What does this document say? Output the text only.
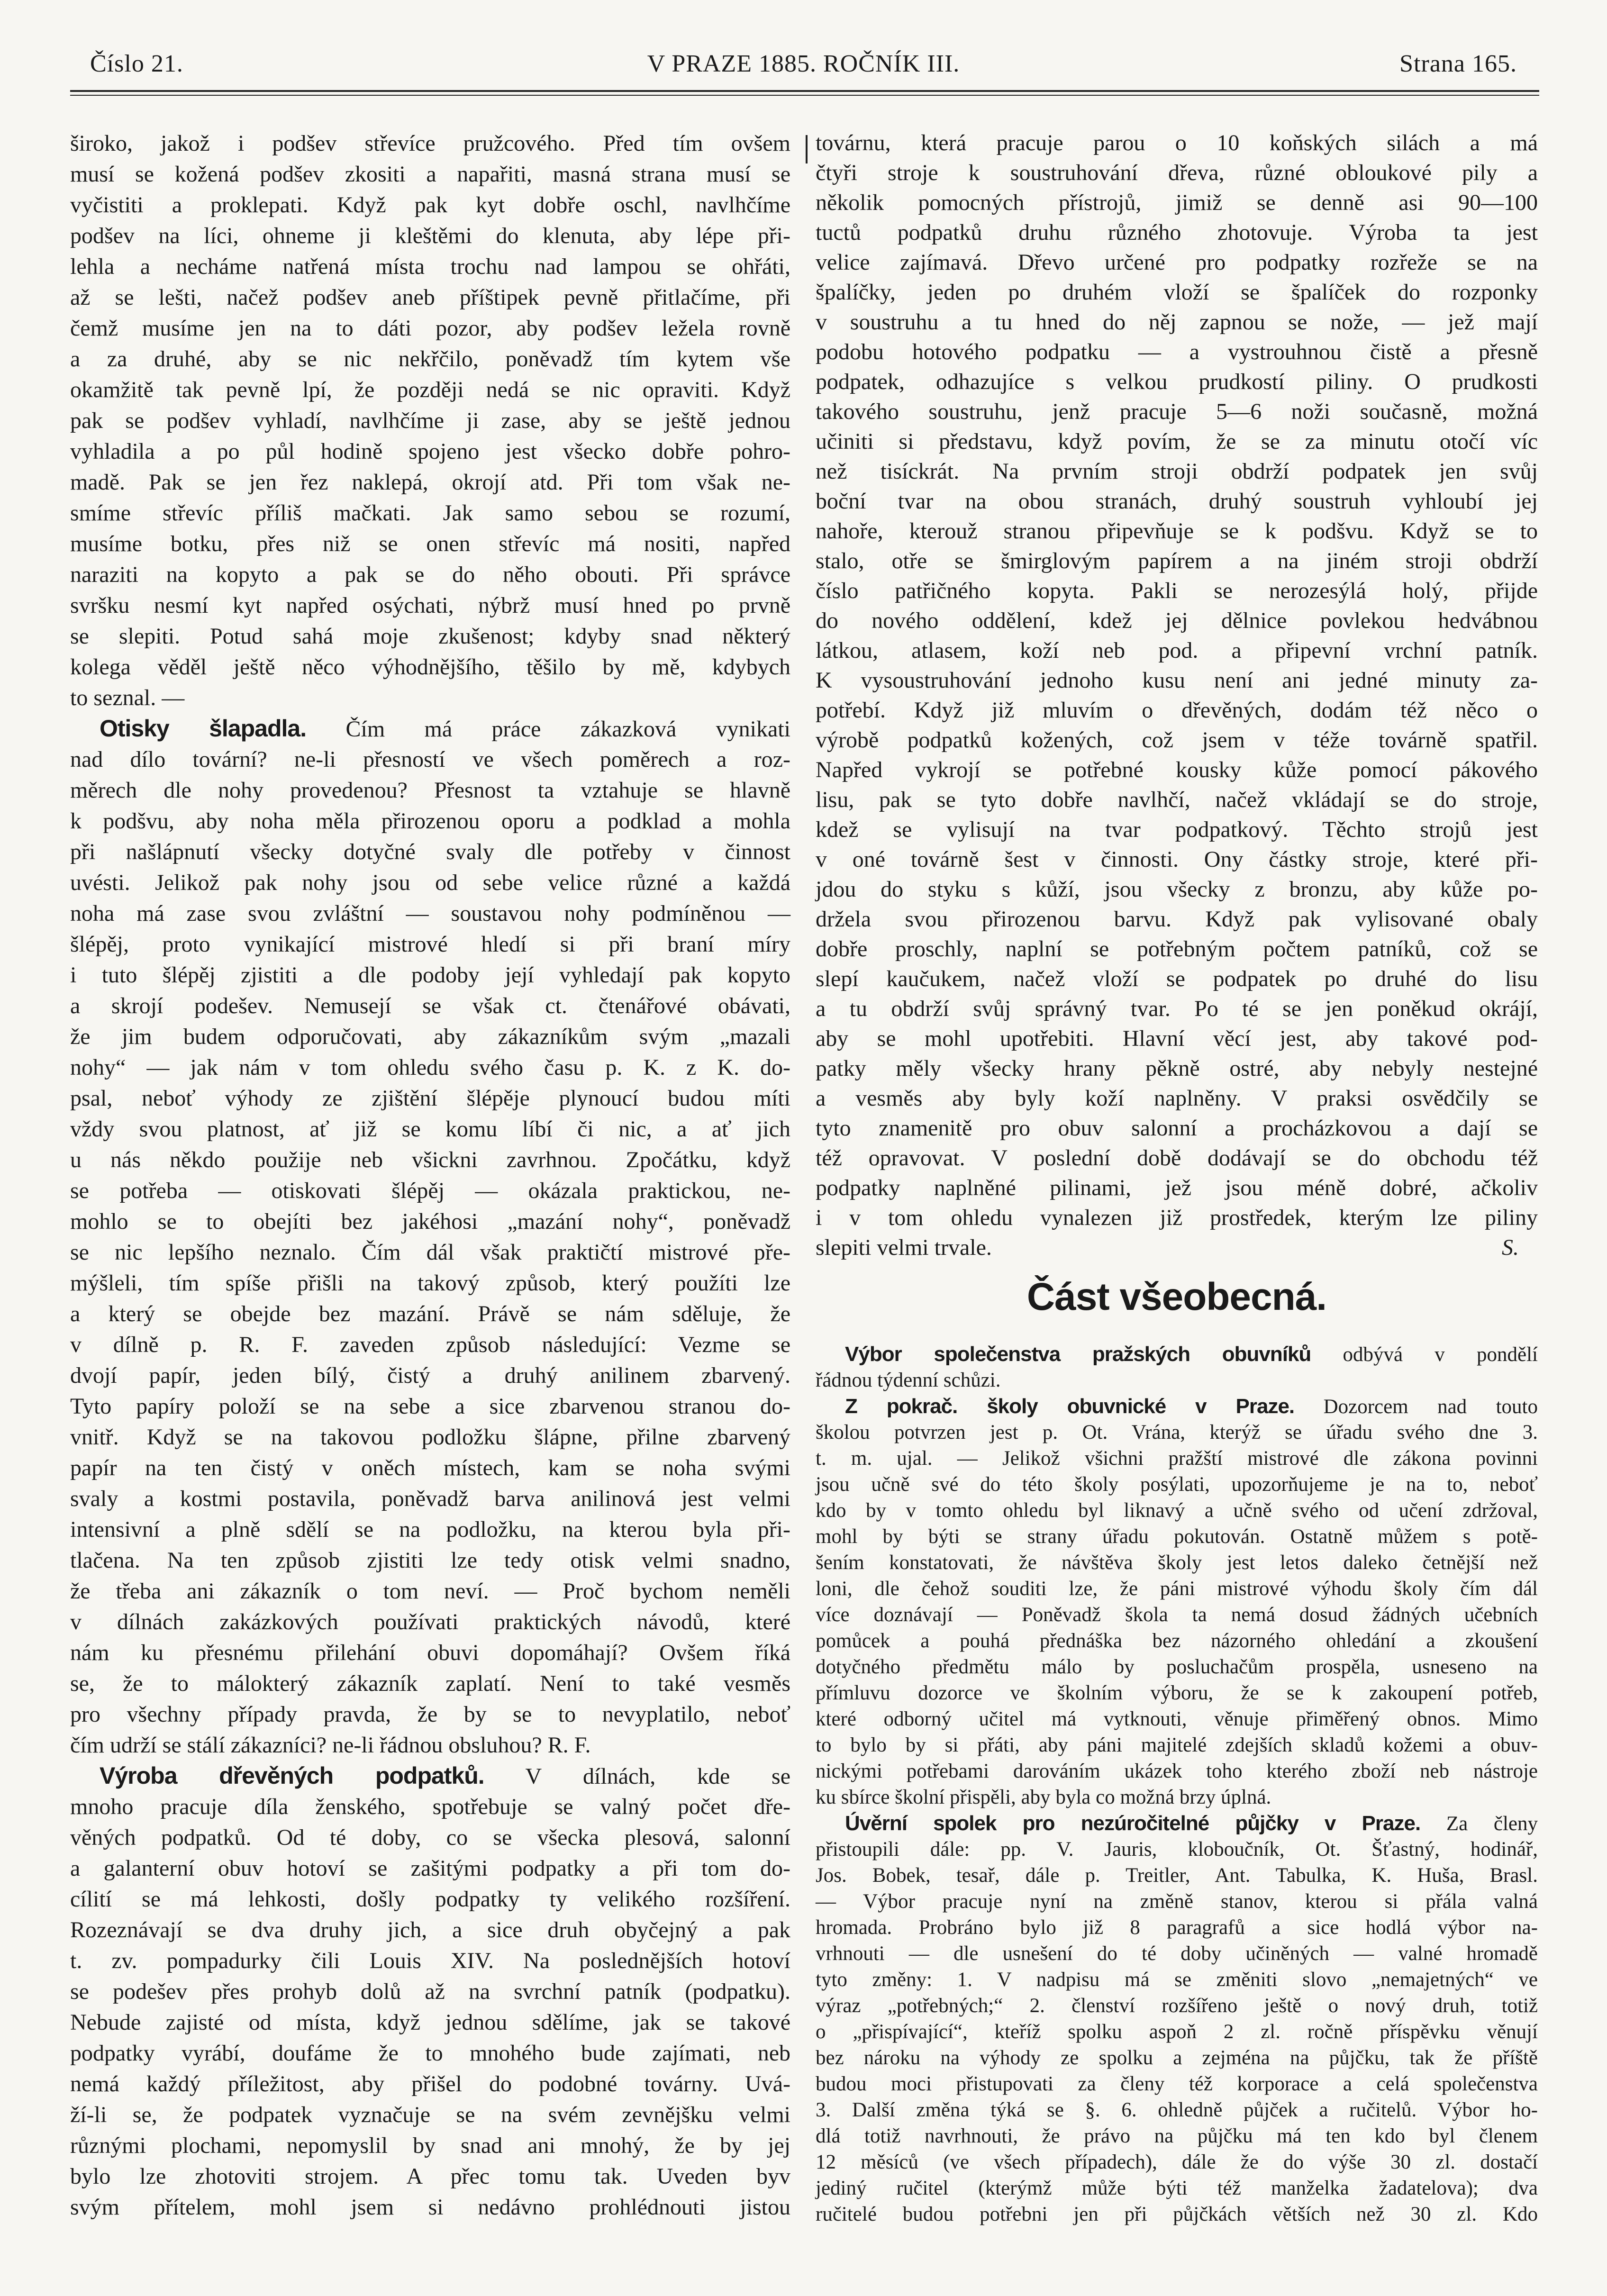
Číslo 21.	V PRAZE 1885. ROČNÍK III.	Strana 165.
široko, jakož i podšev střevíce pružcového. Před tím ovšem
musí se kožená podšev zkositi a napařiti, masná strana musí se
vyčistiti a proklepati. Když pak kyt dobře oschl, navlhčíme
podšev na líci, ohneme ji kleštěmi do klenuta, aby lépe při-
lehla a necháme natřená místa trochu nad lampou se ohřáti,
až se lešti, načež podšev aneb příštipek pevně přitlačíme, při
čemž musíme jen na to dáti pozor, aby podšev ležela rovně
a za druhé, aby se nic nekřčilo, poněvadž tím kytem vše
okamžitě tak pevně lpí, že později nedá se nic opraviti. Když
pak se podšev vyhladí, navlhčíme ji zase, aby se ještě jednou
vyhladila a po půl hodině spojeno jest všecko dobře pohro-
madě. Pak se jen řez naklepá, okrojí atd. Při tom však ne-
smíme střevíc příliš mačkati. Jak samo sebou se rozumí,
musíme botku, přes niž se onen střevíc má nositi, napřed
naraziti na kopyto a pak se do něho obouti. Při správce
svršku nesmí kyt napřed osýchati, nýbrž musí hned po prvně
se slepiti. Potud sahá moje zkušenost; kdyby snad některý
kolega věděl ještě něco výhodnějšího, těšilo by mě, kdybych
to seznal. —
Otisky šlapadla. Čím má práce zákazková vynikati
nad dílo tovární? ne-li přesností ve všech poměrech a roz-
měrech dle nohy provedenou? Přesnost ta vztahuje se hlavně
k podšvu, aby noha měla přirozenou oporu a podklad a mohla
při našlápnutí všecky dotyčné svaly dle potřeby v činnost
uvésti. Jelikož pak nohy jsou od sebe velice různé a každá
noha má zase svou zvláštní — soustavou nohy podmíněnou —
šlépěj, proto vynikající mistrové hledí si při braní míry
i tuto šlépěj zjistiti a dle podoby její vyhledají pak kopyto
a skrojí podešev. Nemusejí se však ct. čtenářové obávati,
že jim budem odporučovati, aby zákazníkům svým „mazali
nohy“ — jak nám v tom ohledu svého času p. K. z K. do-
psal, neboť výhody ze zjištění šlépěje plynoucí budou míti
vždy svou platnost, ať již se komu líbí či nic, a ať jich
u nás někdo použije neb všickni zavrhnou. Zpočátku, když
se potřeba — otiskovati šlépěj — okázala praktickou, ne-
mohlo se to obejíti bez jakéhosi „mazání nohy“, poněvadž
se nic lepšího neznalo. Čím dál však praktičtí mistrové pře-
mýšleli, tím spíše přišli na takový způsob, který použíti lze
a který se obejde bez mazání. Právě se nám sděluje, že
v dílně p. R. F. zaveden způsob následující: Vezme se
dvojí papír, jeden bílý, čistý a druhý anilinem zbarvený.
Tyto papíry položí se na sebe a sice zbarvenou stranou do-
vnitř. Když se na takovou podložku šlápne, přilne zbarvený
papír na ten čistý v oněch místech, kam se noha svými
svaly a kostmi postavila, poněvadž barva anilinová jest velmi
intensivní a plně sdělí se na podložku, na kterou byla při-
tlačena. Na ten způsob zjistiti lze tedy otisk velmi snadno,
že třeba ani zákazník o tom neví. — Proč bychom neměli
v dílnách zakázkových používati praktických návodů, které
nám ku přesnému přilehání obuvi dopomáhají? Ovšem říká
se, že to málokterý zákazník zaplatí. Není to také vesměs
pro všechny případy pravda, že by se to nevyplatilo, neboť
čím udrží se stálí zákazníci? ne-li řádnou obsluhou? R. F.
Výroba dřevěných podpatků. V dílnách, kde se
mnoho pracuje díla ženského, spotřebuje se valný počet dře-
věných podpatků. Od té doby, co se všecka plesová, salonní
a galanterní obuv hotoví se zašitými podpatky a při tom do-
cílití se má lehkosti, došly podpatky ty velikého rozšíření.
Rozeznávají se dva druhy jich, a sice druh obyčejný a pak
t. zv. pompadurky čili Louis XIV. Na poslednějších hotoví
se podešev přes prohyb dolů až na svrchní patník (podpatku).
Nebude zajisté od místa, když jednou sdělíme, jak se takové
podpatky vyrábí, doufáme že to mnohého bude zajímati, neb
nemá každý příležitost, aby přišel do podobné továrny. Uvá-
ží-li se, že podpatek vyznačuje se na svém zevnějšku velmi
různými plochami, nepomyslil by snad ani mnohý, že by jej
bylo lze zhotoviti strojem. A přec tomu tak. Uveden byv
svým přítelem, mohl jsem si nedávno prohlédnouti jistou
továrnu, která pracuje parou o 10 koňských silách a má
čtyři stroje k soustruhování dřeva, různé obloukové pily a
několik pomocných přístrojů, jimiž se denně asi 90—100
tuctů podpatků druhu různého zhotovuje. Výroba ta jest
velice zajímavá. Dřevo určené pro podpatky rozřeže se na
špalíčky, jeden po druhém vloží se špalíček do rozponky
v soustruhu a tu hned do něj zapnou se nože, — jež mají
podobu hotového podpatku — a vystrouhnou čistě a přesně
podpatek, odhazujíce s velkou prudkostí piliny. O prudkosti
takového soustruhu, jenž pracuje 5—6 noži současně, možná
učiniti si představu, když povím, že se za minutu otočí víc
než tisíckrát. Na prvním stroji obdrží podpatek jen svůj
boční tvar na obou stranách, druhý soustruh vyhloubí jej
nahoře, kterouž stranou připevňuje se k podšvu. Když se to
stalo, otře se šmirglovým papírem a na jiném stroji obdrží
číslo patřičného kopyta. Pakli se nerozesýlá holý, přijde
do nového oddělení, kdež jej dělnice povlekou hedvábnou
látkou, atlasem, koží neb pod. a připevní vrchní patník.
K vysoustruhování jednoho kusu není ani jedné minuty za-
potřebí. Když již mluvím o dřevěných, dodám též něco o
výrobě podpatků kožených, což jsem v téže továrně spatřil.
Napřed vykrojí se potřebné kousky kůže pomocí pákového
lisu, pak se tyto dobře navlhčí, načež vkládají se do stroje,
kdež se vylisují na tvar podpatkový. Těchto strojů jest
v oné továrně šest v činnosti. Ony částky stroje, které při-
jdou do styku s kůží, jsou všecky z bronzu, aby kůže po-
držela svou přirozenou barvu. Když pak vylisované obaly
dobře proschly, naplní se potřebným počtem patníků, což se
slepí kaučukem, načež vloží se podpatek po druhé do lisu
a tu obdrží svůj správný tvar. Po té se jen poněkud okrájí,
aby se mohl upotřebiti. Hlavní věcí jest, aby takové pod-
patky měly všecky hrany pěkně ostré, aby nebyly nestejné
a vesměs aby byly koží naplněny. V praksi osvědčily se
tyto znamenitě pro obuv salonní a procházkovou a dají se
též opravovat. V poslední době dodávají se do obchodu též
podpatky naplněné pilinami, jež jsou méně dobré, ačkoliv
i v tom ohledu vynalezen již prostředek, kterým lze piliny
S.
slepiti velmi trvale.
Část všeobecná.
Výbor společenstva pražských obuvníků odbývá v pondělí
řádnou týdenní schůzi.
Z pokrač. školy obuvnické v Praze. Dozorcem nad touto
školou potvrzen jest p. Ot. Vrána, kterýž se úřadu svého dne 3.
t. m. ujal. — Jelikož všichni pražští mistrové dle zákona povinni
jsou učně své do této školy posýlati, upozorňujeme je na to, neboť
kdo by v tomto ohledu byl liknavý a učně svého od učení zdržoval,
mohl by býti se strany úřadu pokutován. Ostatně můžem s potě-
šením konstatovati, že návštěva školy jest letos daleko četnější než
loni, dle čehož souditi lze, že páni mistrové výhodu školy čím dál
více doznávají — Poněvadž škola ta nemá dosud žádných učebních
pomůcek a pouhá přednáška bez názorného ohledání a zkoušení
dotyčného předmětu málo by posluchačům prospěla, usneseno na
přímluvu dozorce ve školním výboru, že se k zakoupení potřeb,
které odborný učitel má vytknouti, věnuje přiměřený obnos. Mimo
to bylo by si přáti, aby páni majitelé zdejších skladů kožemi a obuv-
nickými potřebami darováním ukázek toho kterého zboží neb nástroje
ku sbírce školní přispěli, aby byla co možná brzy úplná.
Úvěrní spolek pro nezúročitelné půjčky v Praze. Za členy
přistoupili dále: pp. V. Jauris, kloboučník, Ot. Šťastný, hodinář,
Jos. Bobek, tesař, dále p. Treitler, Ant. Tabulka, K. Huša, Brasl.
— Výbor pracuje nyní na změně stanov, kterou si přála valná
hromada. Probráno bylo již 8 paragrafů a sice hodlá výbor na-
vrhnouti — dle usnešení do té doby učiněných — valné hromadě
tyto změny: 1. V nadpisu má se změniti slovo „nemajetných“ ve
výraz „potřebných;“ 2. členství rozšířeno ještě o nový druh, totiž
o „přispívající“, kteříž spolku aspoň 2 zl. ročně příspěvku věnují
bez nároku na výhody ze spolku a zejména na půjčku, tak že příště
budou moci přistupovati za členy též korporace a celá společenstva
3. Další změna týká se §. 6. ohledně půjček a ručitelů. Výbor ho-
dlá totiž navrhnouti, že právo na půjčku má ten kdo byl členem
12 měsíců (ve všech případech), dále že do výše 30 zl. dostačí
jediný ručitel (kterýmž může býti též manželka žadatelova); dva
ručitelé budou potřebni jen při půjčkách větších než 30 zl. Kdo
